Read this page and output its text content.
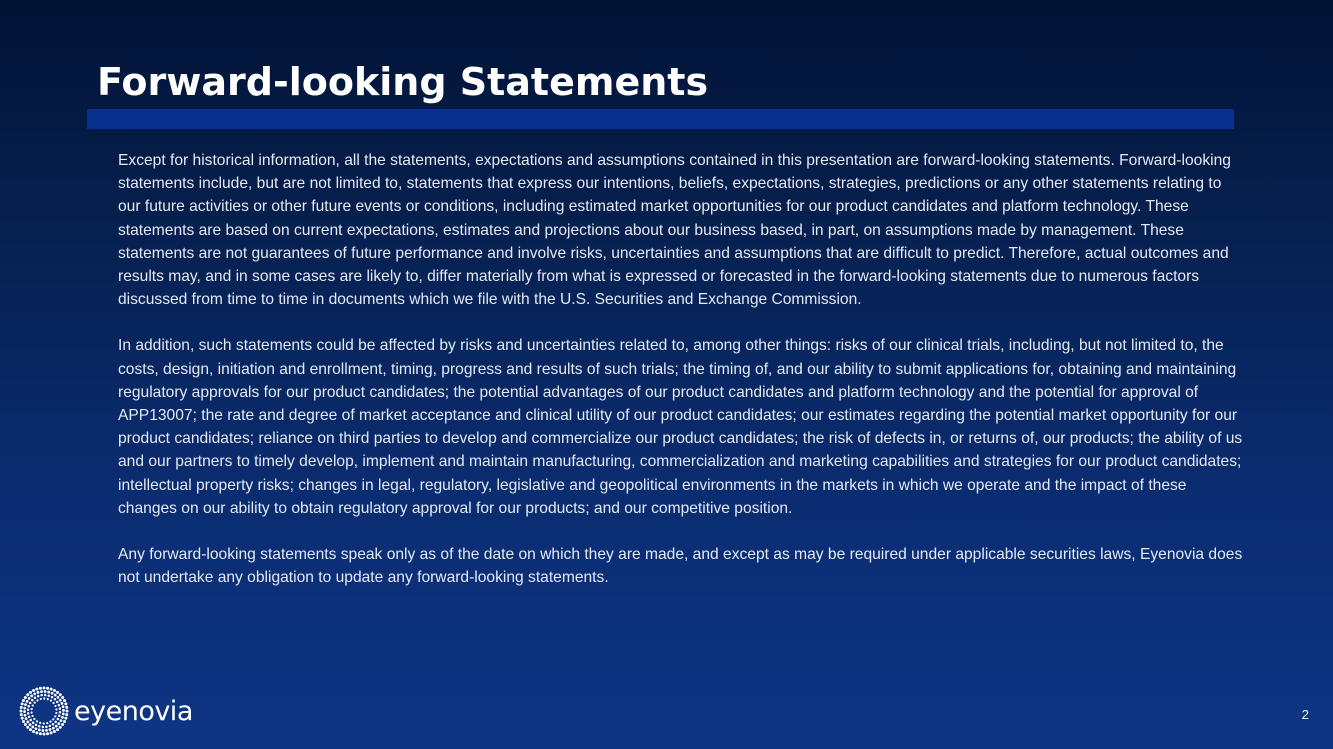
Forward-looking Statements

Except for historical information, all the statements, expectations and assumptions contained in this presentation are forward-looking statements. Forward-looking statements include, but are not limited to, statements that express our intentions, beliefs, expectations, strategies, predictions or any other statements relating to our future activities or other future events or conditions, including estimated market opportunities for our product candidates and platform technology. These statements are based on current expectations, estimates and projections about our business based, in part, on assumptions made by management. These statements are not guarantees of future performance and involve risks, uncertainties and assumptions that are difficult to predict. Therefore, actual outcomes and results may, and in some cases are likely to, differ materially from what is expressed or forecasted in the forward-looking statements due to numerous factors discussed from time to time in documents which we file with the U.S. Securities and Exchange Commission.

In addition, such statements could be affected by risks and uncertainties related to, among other things: risks of our clinical trials, including, but not limited to, the costs, design, initiation and enrollment, timing, progress and results of such trials; the timing of, and our ability to submit applications for, obtaining and maintaining regulatory approvals for our product candidates; the potential advantages of our product candidates and platform technology and the potential for approval of APP13007; the rate and degree of market acceptance and clinical utility of our product candidates; our estimates regarding the potential market opportunity for our product candidates; reliance on third parties to develop and commercialize our product candidates; the risk of defects in, or returns of, our products; the ability of us and our partners to timely develop, implement and maintain manufacturing, commercialization and marketing capabilities and strategies for our product candidates; intellectual property risks; changes in legal, regulatory, legislative and geopolitical environments in the markets in which we operate and the impact of these changes on our ability to obtain regulatory approval for our products; and our competitive position.

Any forward-looking statements speak only as of the date on which they are made, and except as may be required under applicable securities laws, Eyenovia does not undertake any obligation to update any forward-looking statements.

eyenovia	2
